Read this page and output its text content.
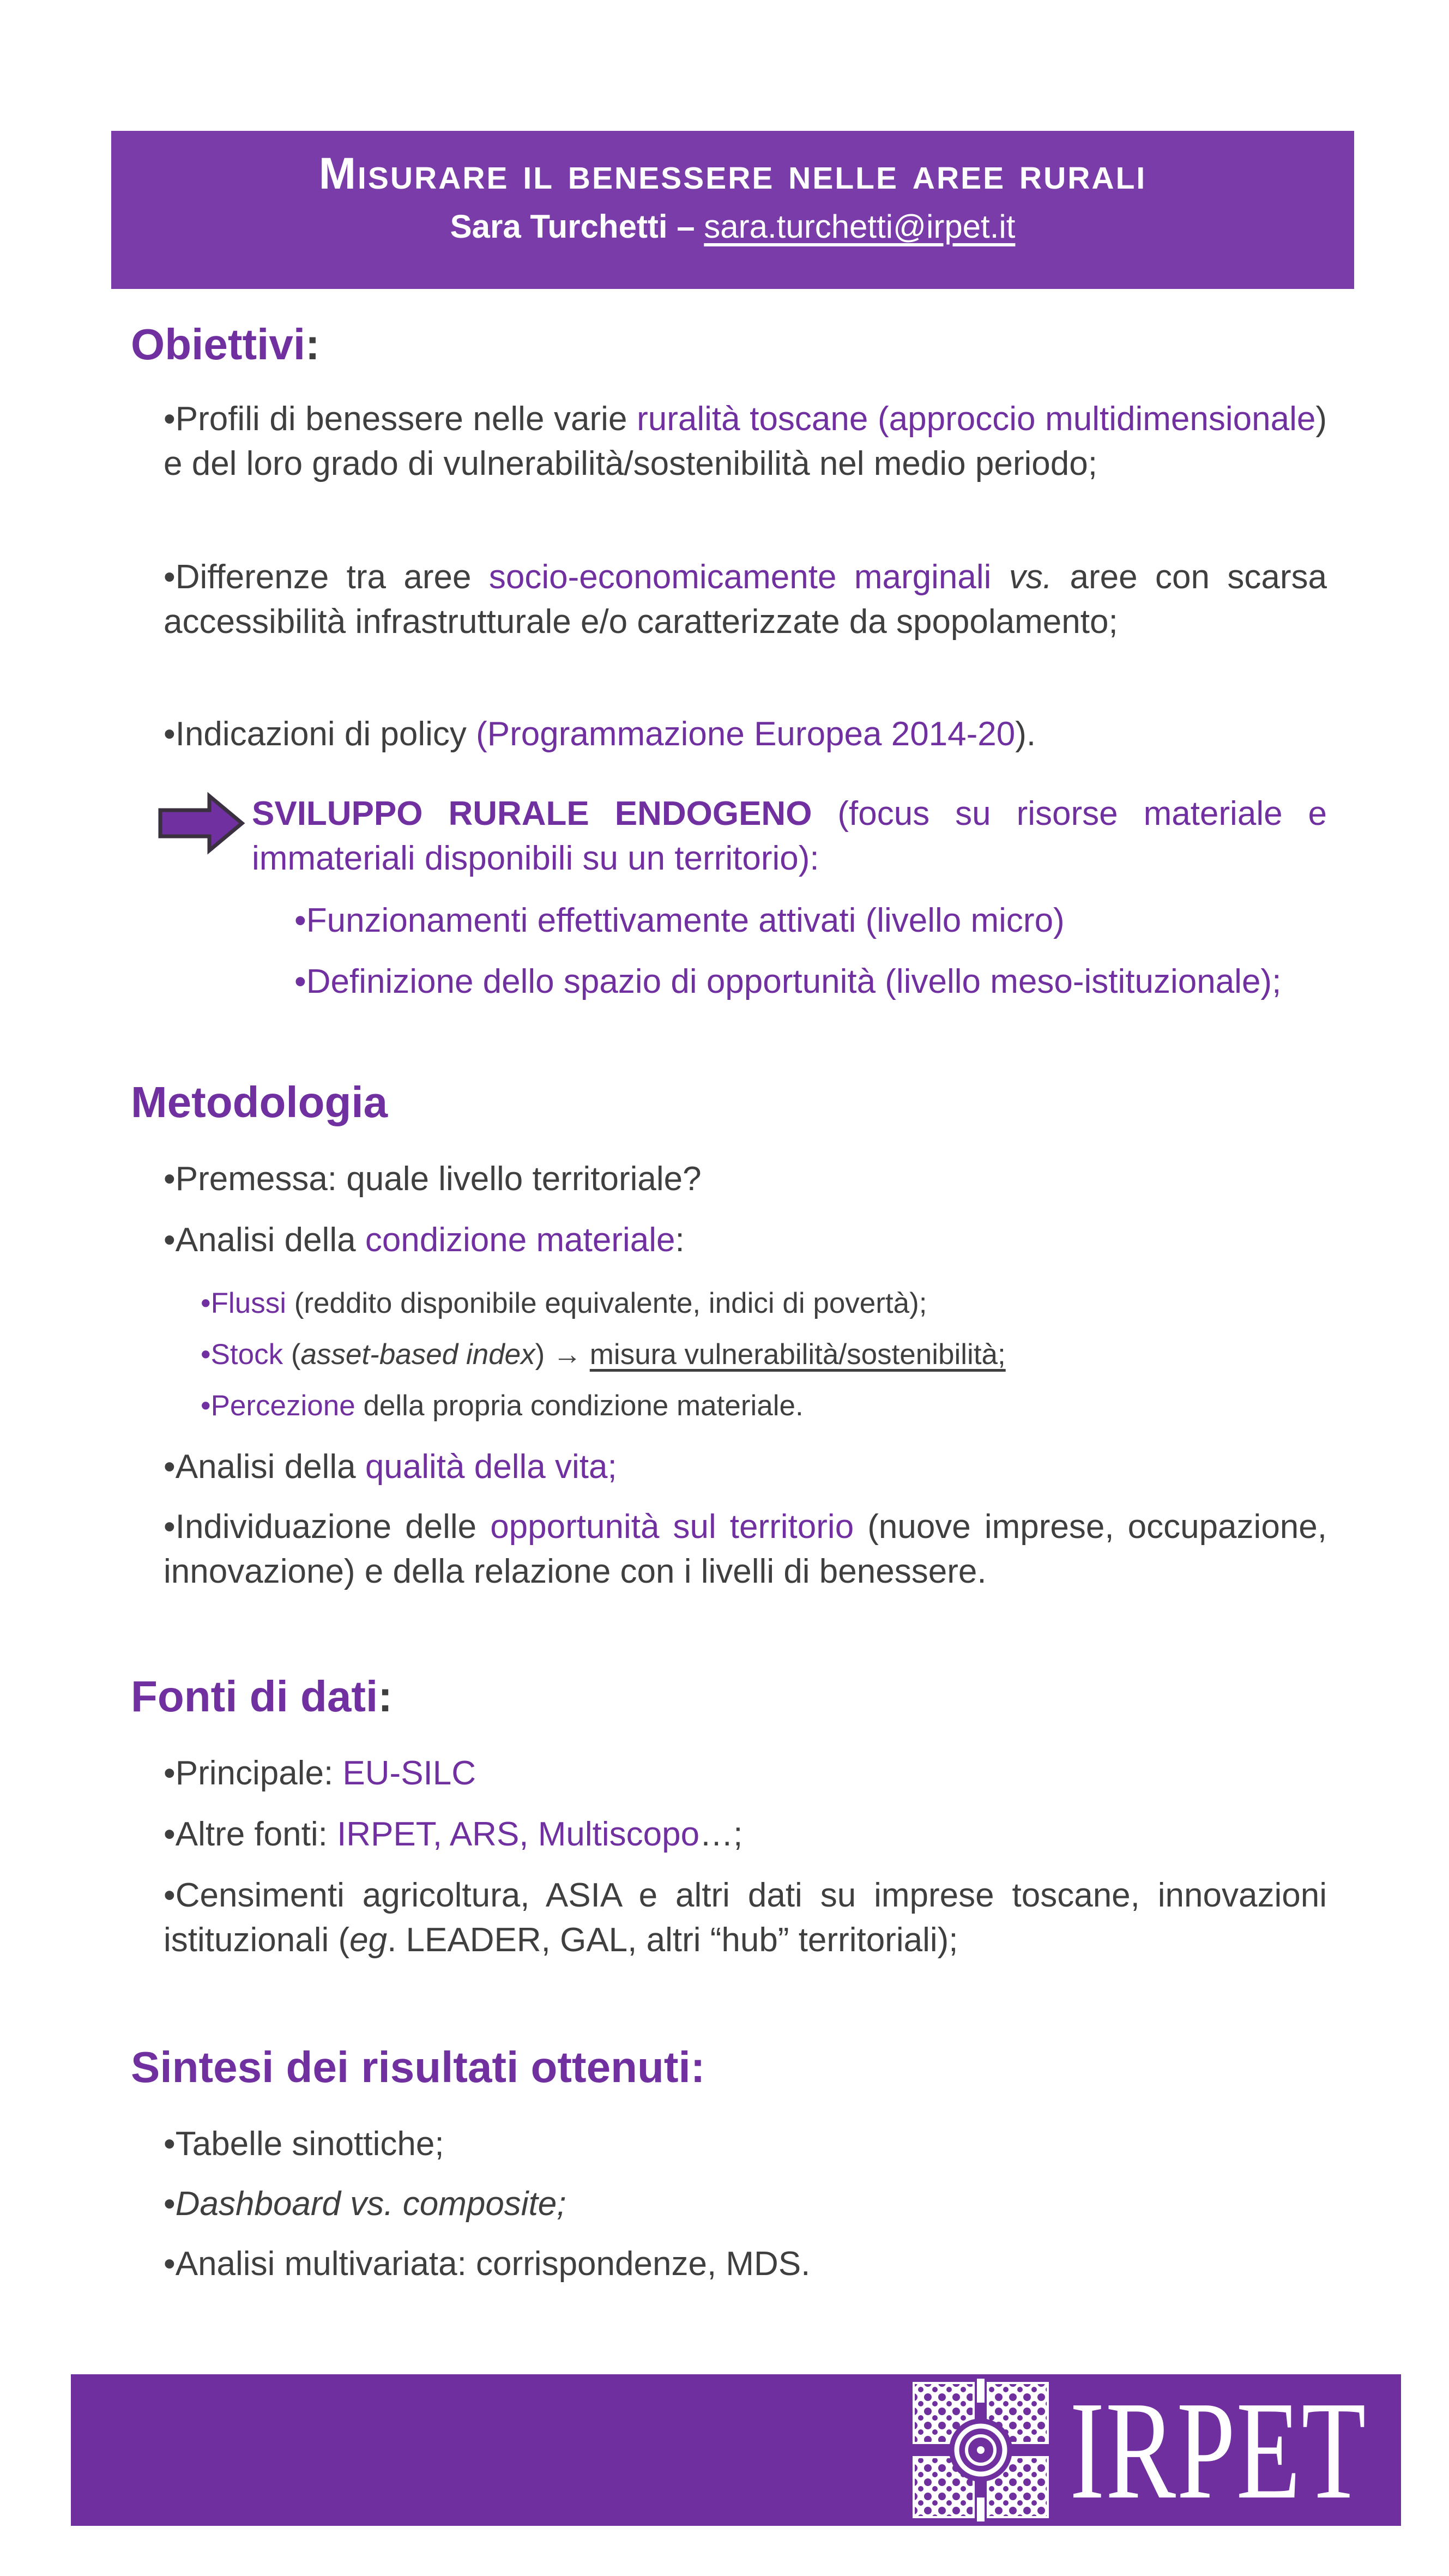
Misurare il benessere nelle aree rurali
Sara Turchetti – sara.turchetti@irpet.it
Obiettivi:
•Profili di benessere nelle varie ruralità toscane (approccio multidimensionale) e del loro grado di vulnerabilità/sostenibilità nel medio periodo;
•Differenze tra aree socio-economicamente marginali vs. aree con scarsa accessibilità infrastrutturale e/o caratterizzate da spopolamento;
•Indicazioni di policy (Programmazione Europea 2014-20).
SVILUPPO RURALE ENDOGENO (focus su risorse materiale e immateriali disponibili su un territorio):
•Funzionamenti effettivamente attivati (livello micro)
•Definizione dello spazio di opportunità (livello meso-istituzionale);
Metodologia
•Premessa: quale livello territoriale?
•Analisi della condizione materiale:
•Flussi (reddito disponibile equivalente, indici di povertà);
•Stock (asset-based index) → misura vulnerabilità/sostenibilità;
•Percezione della propria condizione materiale.
•Analisi della qualità della vita;
•Individuazione delle opportunità sul territorio (nuove imprese, occupazione, innovazione) e della relazione con i livelli di benessere.
Fonti di dati:
•Principale: EU-SILC
•Altre fonti: IRPET, ARS, Multiscopo…;
•Censimenti agricoltura, ASIA e altri dati su imprese toscane, innovazioni istituzionali (eg. LEADER, GAL, altri “hub” territoriali);
Sintesi dei risultati ottenuti:
•Tabelle sinottiche;
•Dashboard vs. composite;
•Analisi multivariata: corrispondenze, MDS.
IRPET
